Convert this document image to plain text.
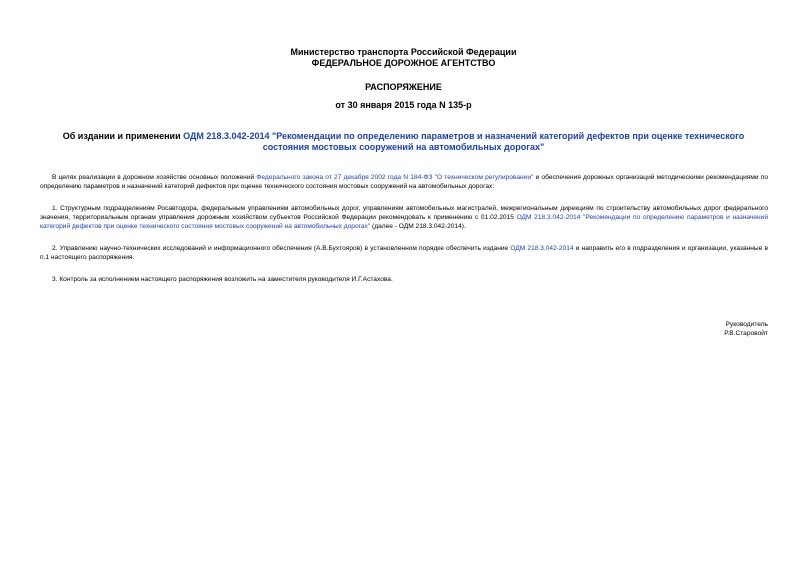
Министерство транспорта Российской Федерации
ФЕДЕРАЛЬНОЕ ДОРОЖНОЕ АГЕНТСТВО
РАСПОРЯЖЕНИЕ
от 30 января 2015 года N 135-р
Об издании и применении ОДМ 218.3.042-2014 "Рекомендации по определению параметров и назначений категорий дефектов при оценке технического состояния мостовых сооружений на автомобильных дорогах"
В целях реализации в дорожном хозяйстве основных положений Федерального закона от 27 декабря 2002 года N 184-ФЗ "О техническом регулировании" и обеспечения дорожных организаций методическими рекомендациями по определению параметров и назначений категорий дефектов при оценке технического состояния мостовых сооружений на автомобильных дорогах:
1. Структурным подразделениям Росавтодора, федеральным управлениям автомобильных дорог, управлениям автомобильных магистралей, межрегиональным дирекциям по строительству автомобильных дорог федерального значения, территориальным органам управления дорожным хозяйством субъектов Российской Федерации рекомендовать к применению с 01.02.2015 ОДМ 218.3.042-2014 "Рекомендации по определению параметров и назначений категорий дефектов при оценке технического состояния мостовых сооружений на автомобильных дорогах" (далее - ОДМ 218.3.042-2014).
2. Управлению научно-технических исследований и информационного обеспечения (А.В.Бухтояров) в установленном порядке обеспечить издание ОДМ 218.3.042-2014 и направить его в подразделения и организации, указанные в п.1 настоящего распоряжения.
3. Контроль за исполнением настоящего распоряжения возложить на заместителя руководителя И.Г.Астахова.
Руководитель
Р.В.Старовойт
